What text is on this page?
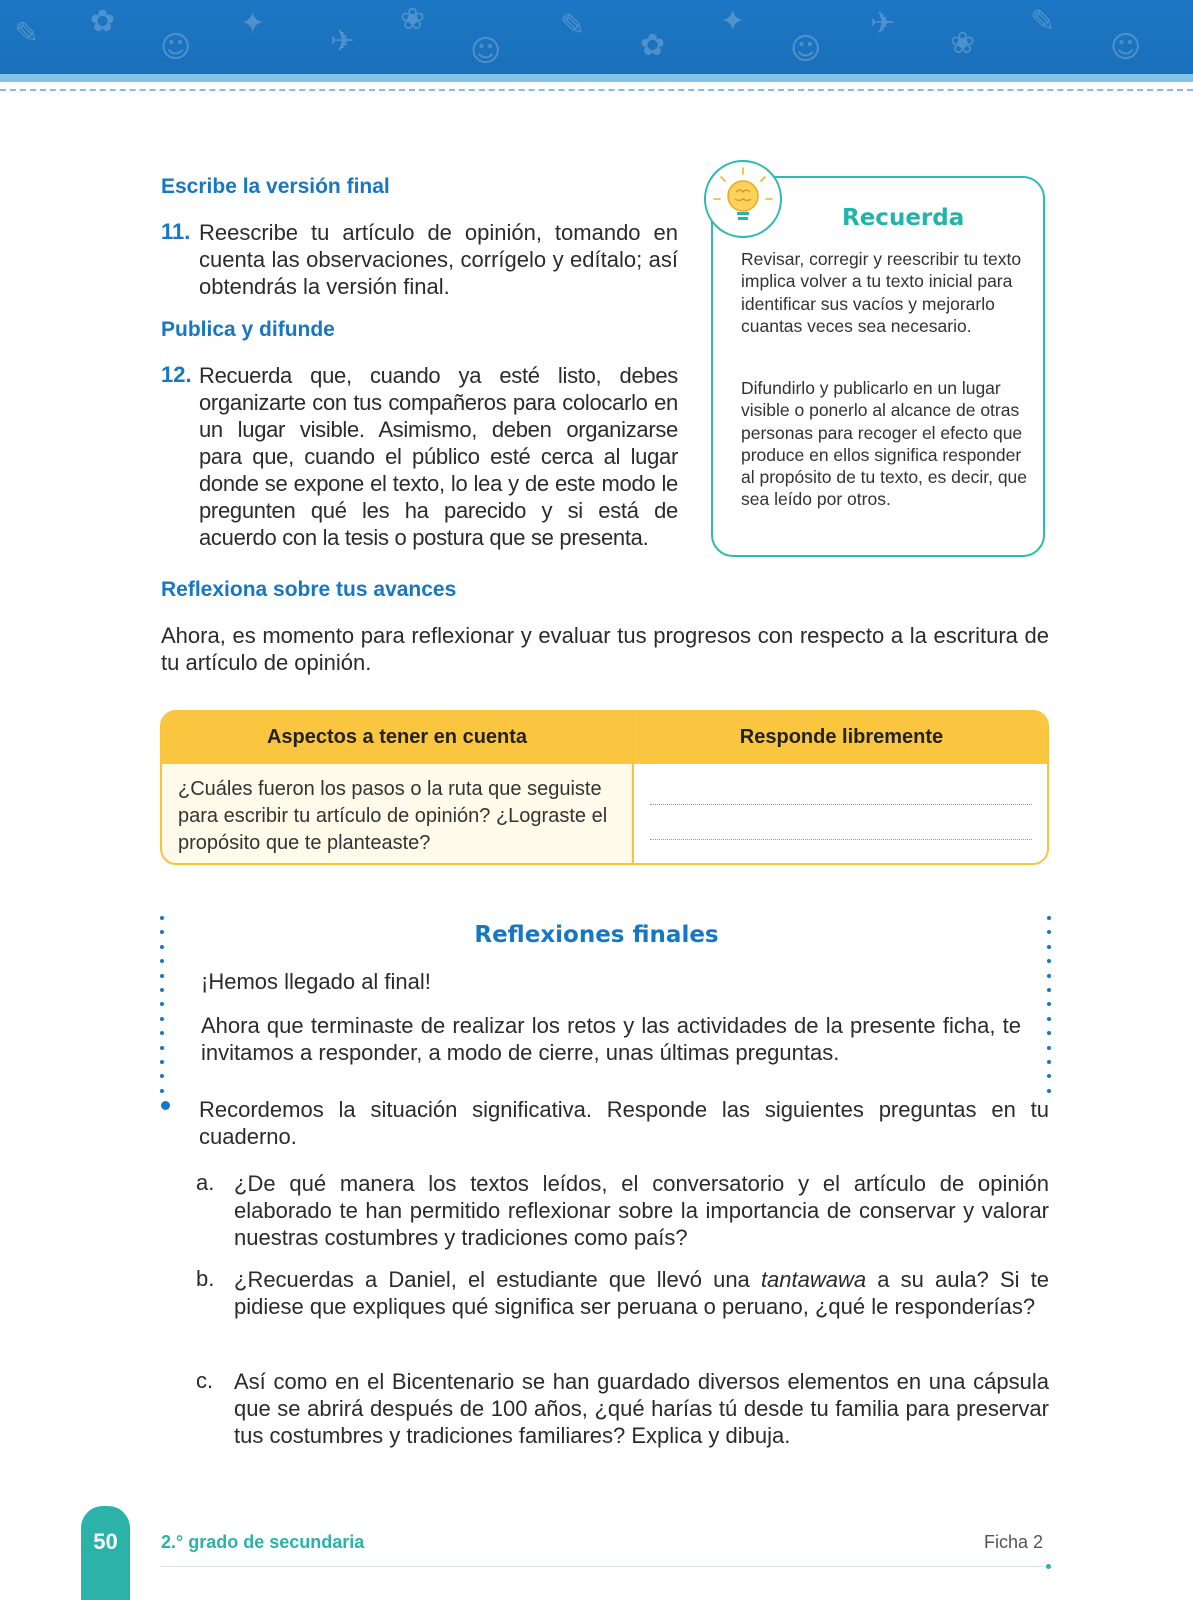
✎ ✿
☺
✦
✈
❀
☺
✎
✿
✦
☺
✈
❀
✎
☺
Escribe la versión final
11. Reescribe tu artículo de opinión, tomando en cuenta las observaciones, corrígelo y edítalo; así obtendrás la versión final.

Publica y difunde
12. Recuerda que, cuando ya esté listo, debes organizarte con tus compañeros para colocarlo en un lugar visible. Asimismo, deben organizarse para que, cuando el público esté cerca al lugar donde se expone el texto, lo lea y de este modo le pregunten qué les ha parecido y si está de acuerdo con la tesis o postura que se presenta.

Recuerda

Revisar, corregir y reescribir tu texto implica volver a tu texto inicial para identificar sus vacíos y mejorarlo cuantas veces sea necesario.

Difundirlo y publicarlo en un lugar visible o ponerlo al alcance de otras personas para recoger el efecto que produce en ellos significa responder al propósito de tu texto, es decir, que sea leído por otros.

Reflexiona sobre tus avances

Ahora, es momento para reflexionar y evaluar tus progresos con respecto a la escritura de tu artículo de opinión.

Aspectos a tener en cuenta	Responde libremente

¿Cuáles fueron los pasos o la ruta que seguiste para escribir tu artículo de opinión? ¿Lograste el propósito que te planteaste?

Reflexiones finales

¡Hemos llegado al final!

Ahora que terminaste de realizar los retos y las actividades de la presente ficha, te invitamos a responder, a modo de cierre, unas últimas preguntas.

Recordemos la situación significativa. Responde las siguientes preguntas en tu cuaderno.

a. ¿De qué manera los textos leídos, el conversatorio y el artículo de opinión elaborado te han permitido reflexionar sobre la importancia de conservar y valorar nuestras costumbres y tradiciones como país?

b. ¿Recuerdas a Daniel, el estudiante que llevó una tantawawa a su aula? Si te pidiese que expliques qué significa ser peruana o peruano, ¿qué le responderías?

c. Así como en el Bicentenario se han guardado diversos elementos en una cápsula que se abrirá después de 100 años, ¿qué harías tú desde tu familia para preservar tus costumbres y tradiciones familiares? Explica y dibuja.

50	2.° grado de secundaria	Ficha 2
